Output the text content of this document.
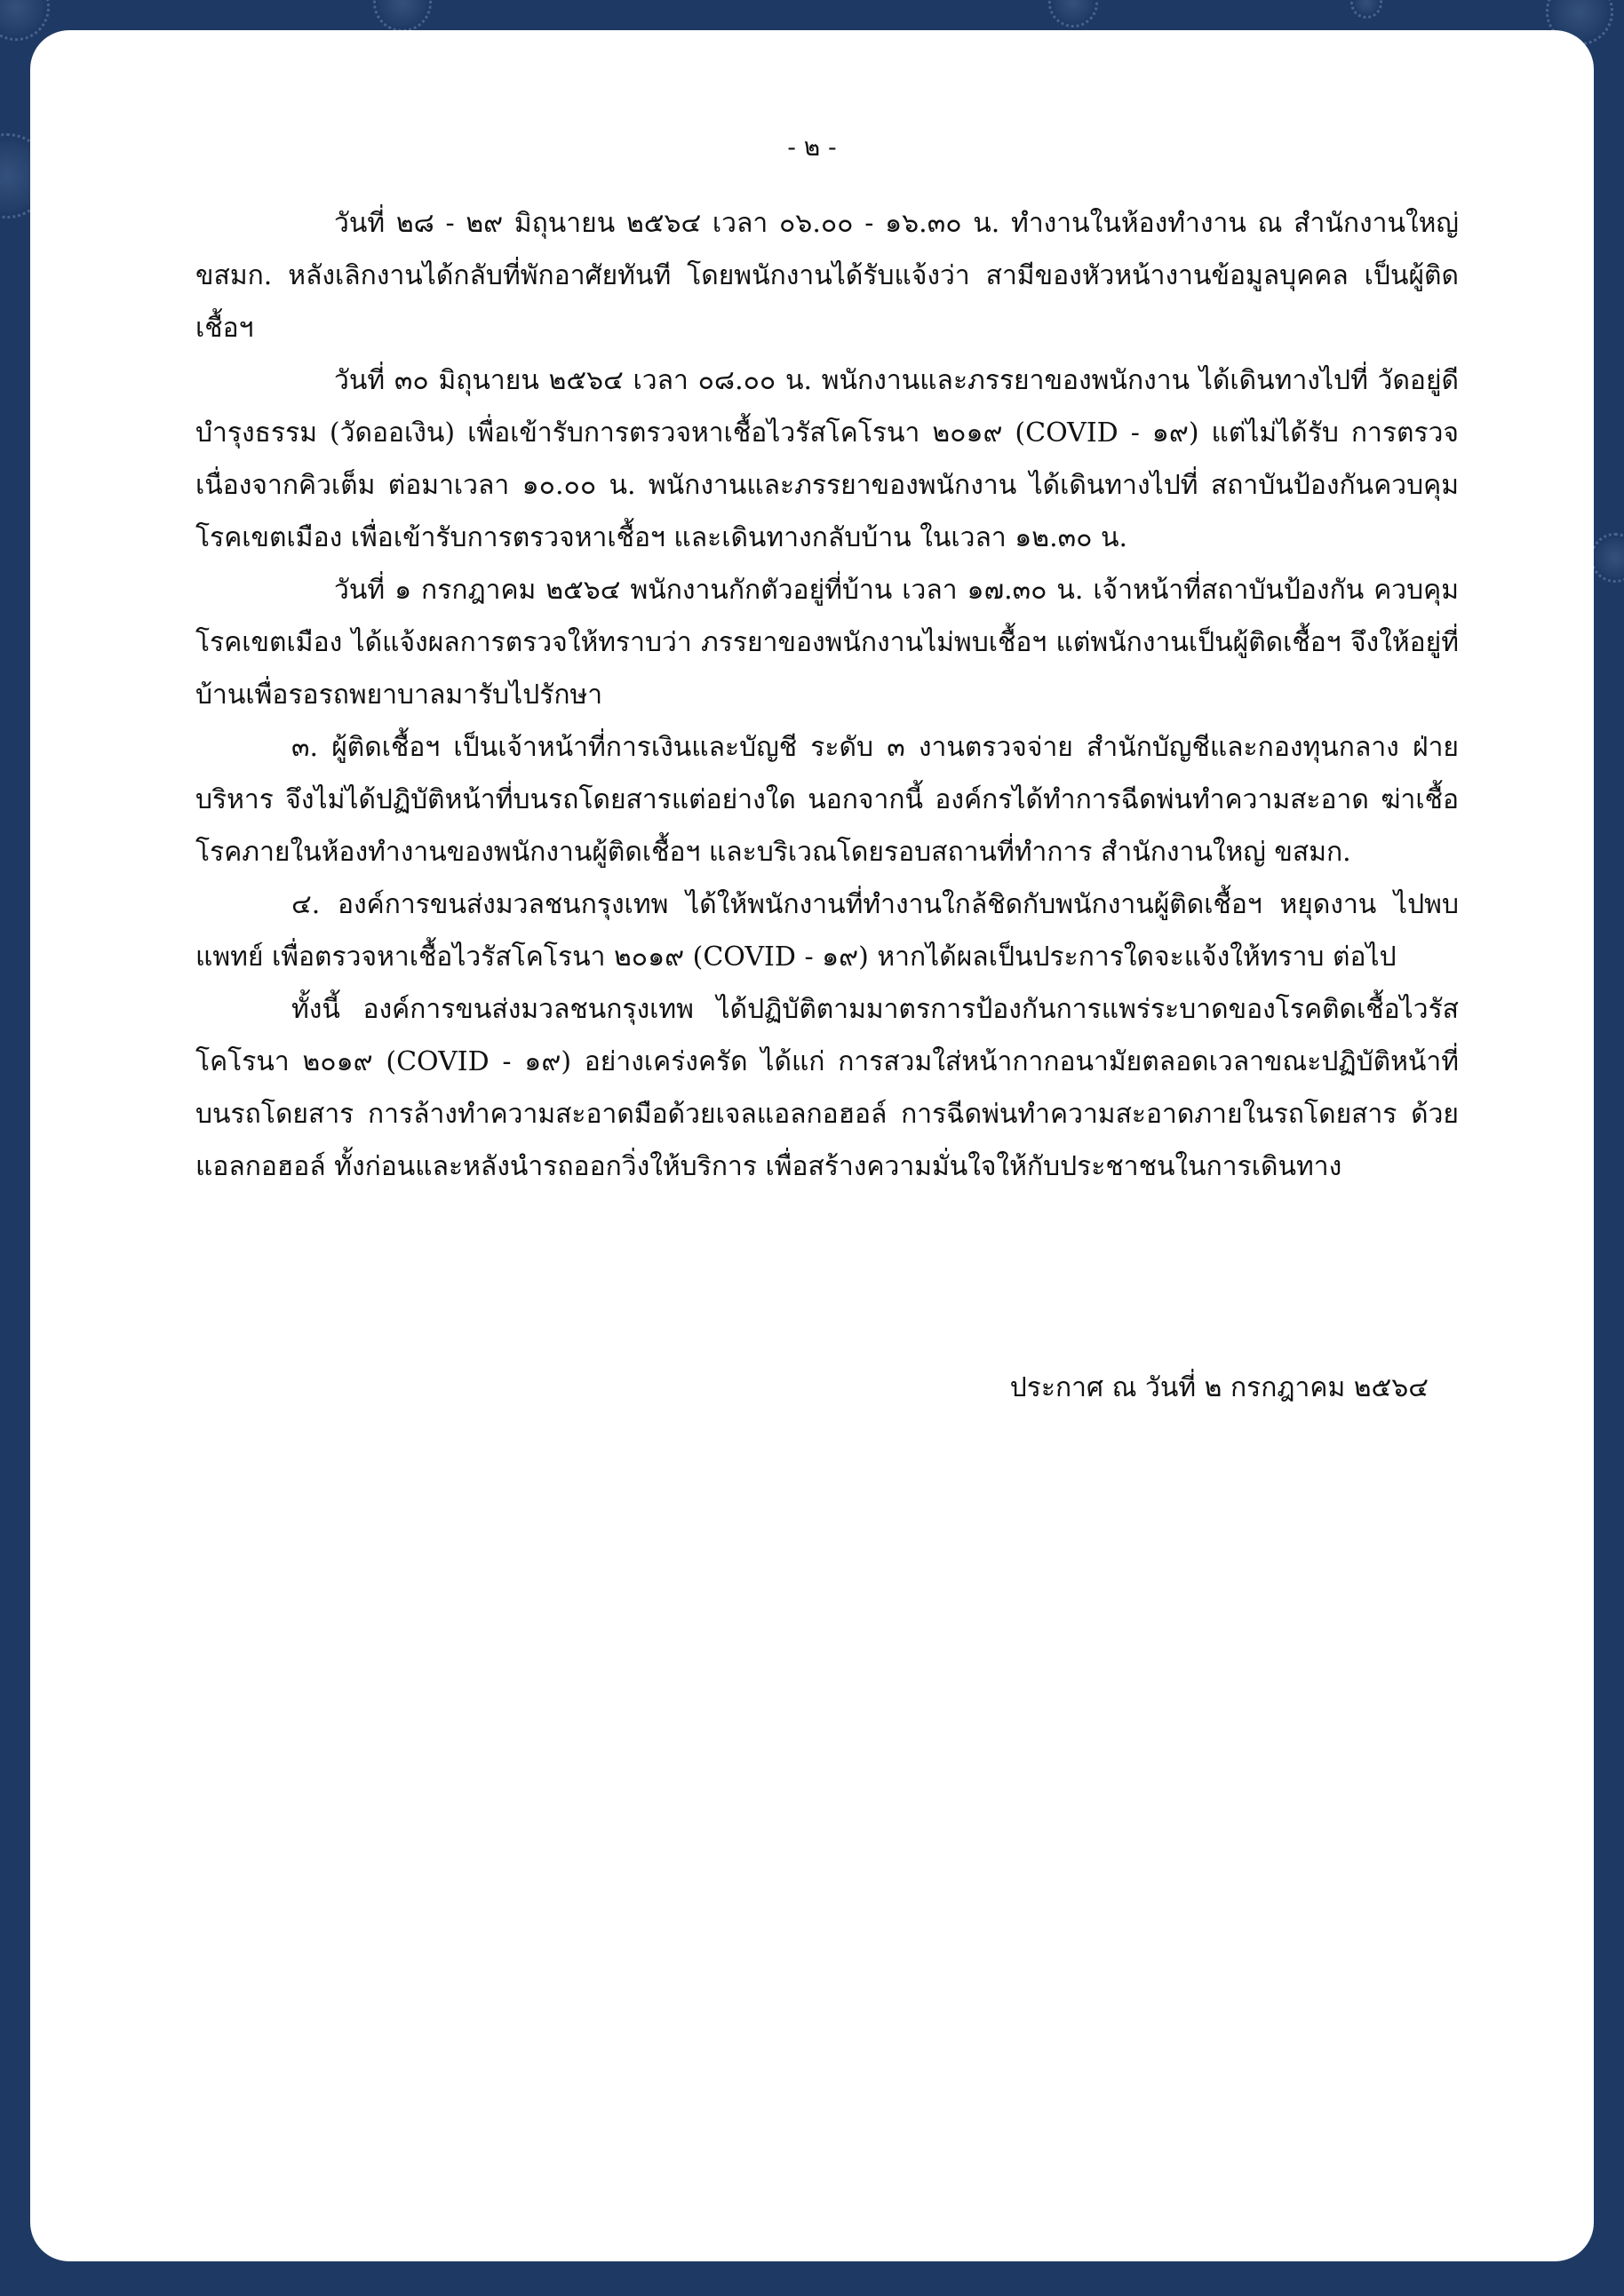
- ๒ -

วันที่ ๒๘ - ๒๙ มิถุนายน ๒๕๖๔ เวลา ๐๖.๐๐ - ๑๖.๓๐ น. ทำงานในห้องทำงาน ณ สำนักงานใหญ่ ขสมก. หลังเลิกงานได้กลับที่พักอาศัยทันที โดยพนักงานได้รับแจ้งว่า สามีของหัวหน้างานข้อมูลบุคคล เป็นผู้ติดเชื้อฯ

วันที่ ๓๐ มิถุนายน ๒๕๖๔ เวลา ๐๘.๐๐ น. พนักงานและภรรยาของพนักงาน ได้เดินทางไปที่ วัดอยู่ดีบำรุงธรรม (วัดออเงิน) เพื่อเข้ารับการตรวจหาเชื้อไวรัสโคโรนา ๒๐๑๙ (COVID - ๑๙) แต่ไม่ได้รับ การตรวจ เนื่องจากคิวเต็ม ต่อมาเวลา ๑๐.๐๐ น. พนักงานและภรรยาของพนักงาน ได้เดินทางไปที่ สถาบันป้องกันควบคุมโรคเขตเมือง เพื่อเข้ารับการตรวจหาเชื้อฯ และเดินทางกลับบ้าน ในเวลา ๑๒.๓๐ น.

วันที่ ๑ กรกฎาคม ๒๕๖๔ พนักงานกักตัวอยู่ที่บ้าน เวลา ๑๗.๓๐ น. เจ้าหน้าที่สถาบันป้องกัน ควบคุมโรคเขตเมือง ได้แจ้งผลการตรวจให้ทราบว่า ภรรยาของพนักงานไม่พบเชื้อฯ แต่พนักงานเป็นผู้ติดเชื้อฯ จึงให้อยู่ที่บ้านเพื่อรอรถพยาบาลมารับไปรักษา

๓. ผู้ติดเชื้อฯ เป็นเจ้าหน้าที่การเงินและบัญชี ระดับ ๓ งานตรวจจ่าย สำนักบัญชีและกองทุนกลาง ฝ่ายบริหาร จึงไม่ได้ปฏิบัติหน้าที่บนรถโดยสารแต่อย่างใด นอกจากนี้ องค์กรได้ทำการฉีดพ่นทำความสะอาด ฆ่าเชื้อโรคภายในห้องทำงานของพนักงานผู้ติดเชื้อฯ และบริเวณโดยรอบสถานที่ทำการ สำนักงานใหญ่ ขสมก.

๔. องค์การขนส่งมวลชนกรุงเทพ ได้ให้พนักงานที่ทำงานใกล้ชิดกับพนักงานผู้ติดเชื้อฯ หยุดงาน ไปพบแพทย์ เพื่อตรวจหาเชื้อไวรัสโคโรนา ๒๐๑๙ (COVID - ๑๙) หากได้ผลเป็นประการใดจะแจ้งให้ทราบ ต่อไป

ทั้งนี้ องค์การขนส่งมวลชนกรุงเทพ ได้ปฏิบัติตามมาตรการป้องกันการแพร่ระบาดของโรคติดเชื้อไวรัส โคโรนา ๒๐๑๙ (COVID - ๑๙) อย่างเคร่งครัด ได้แก่ การสวมใส่หน้ากากอนามัยตลอดเวลาขณะปฏิบัติหน้าที่ บนรถโดยสาร การล้างทำความสะอาดมือด้วยเจลแอลกอฮอล์ การฉีดพ่นทำความสะอาดภายในรถโดยสาร ด้วยแอลกอฮอล์ ทั้งก่อนและหลังนำรถออกวิ่งให้บริการ เพื่อสร้างความมั่นใจให้กับประชาชนในการเดินทาง

ประกาศ ณ วันที่ ๒ กรกฎาคม ๒๕๖๔
